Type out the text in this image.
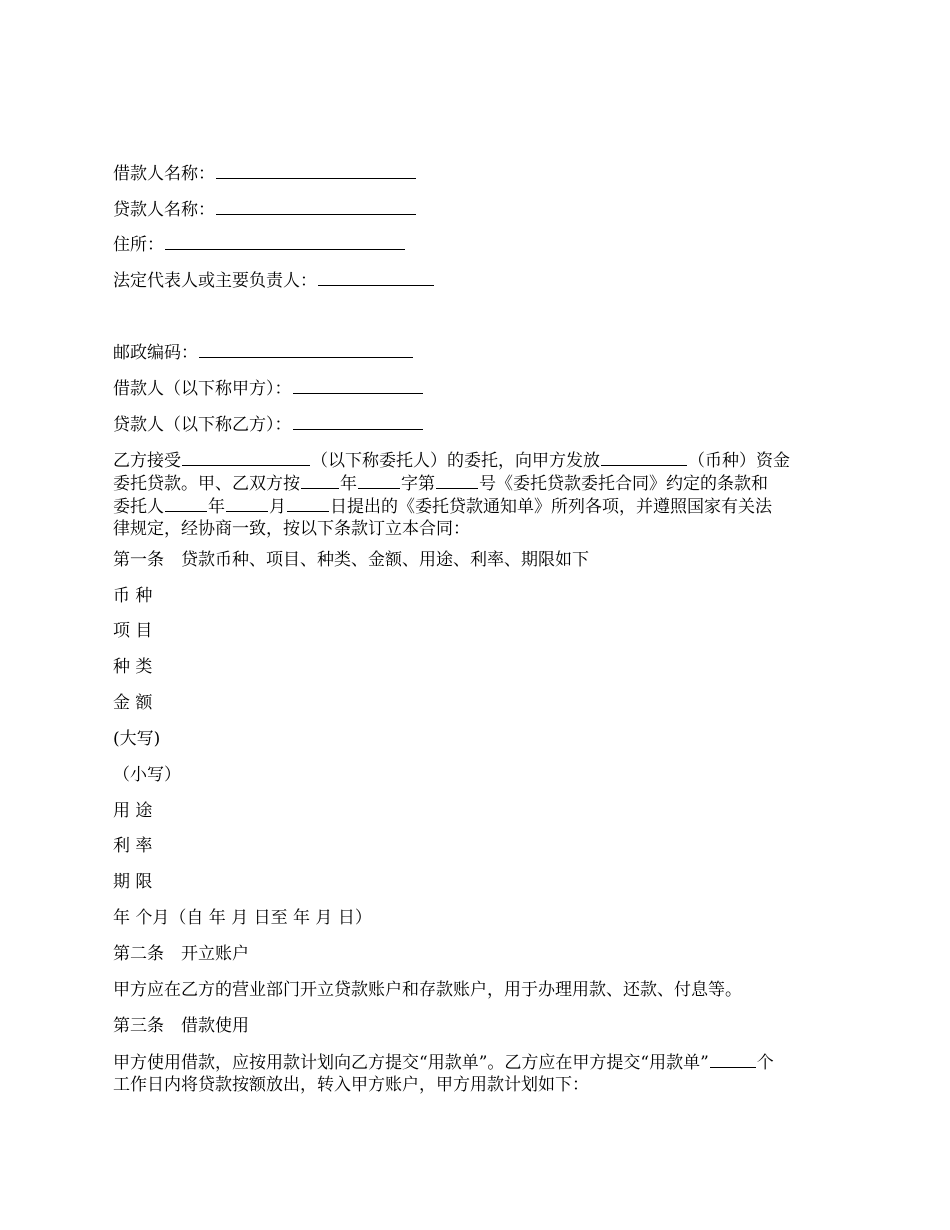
借款人名称：
贷款人名称：
住所：
法定代表人或主要负责人：
邮政编码：
借款人（以下称甲方）：
贷款人（以下称乙方）：
乙方接受	（以下称委托人）的委托，向甲方发放	（币种）资金
委托贷款。甲、乙双方按 年	字第	号《委托贷款委托合同》约定的条款和
委托人	年	月	日提出的《委托贷款通知单》所列各项，并遵照国家有关法
律规定，经协商一致，按以下条款订立本合同：
第一条　贷款币种、项目、种类、金额、用途、利率、期限如下
币 种
项 目
种 类
金 额
(大写)
（小写）
用 途
利 率
期 限
年 个月（自 年 月 日至 年 月 日）
第二条　开立账户
甲方应在乙方的营业部门开立贷款账户和存款账户，用于办理用款、还款、付息等。
第三条　借款使用
甲方使用借款，应按用款计划向乙方提交“用款单”。乙方应在甲方提交“用款单”	个
工作日内将贷款按额放出，转入甲方账户，甲方用款计划如下：
